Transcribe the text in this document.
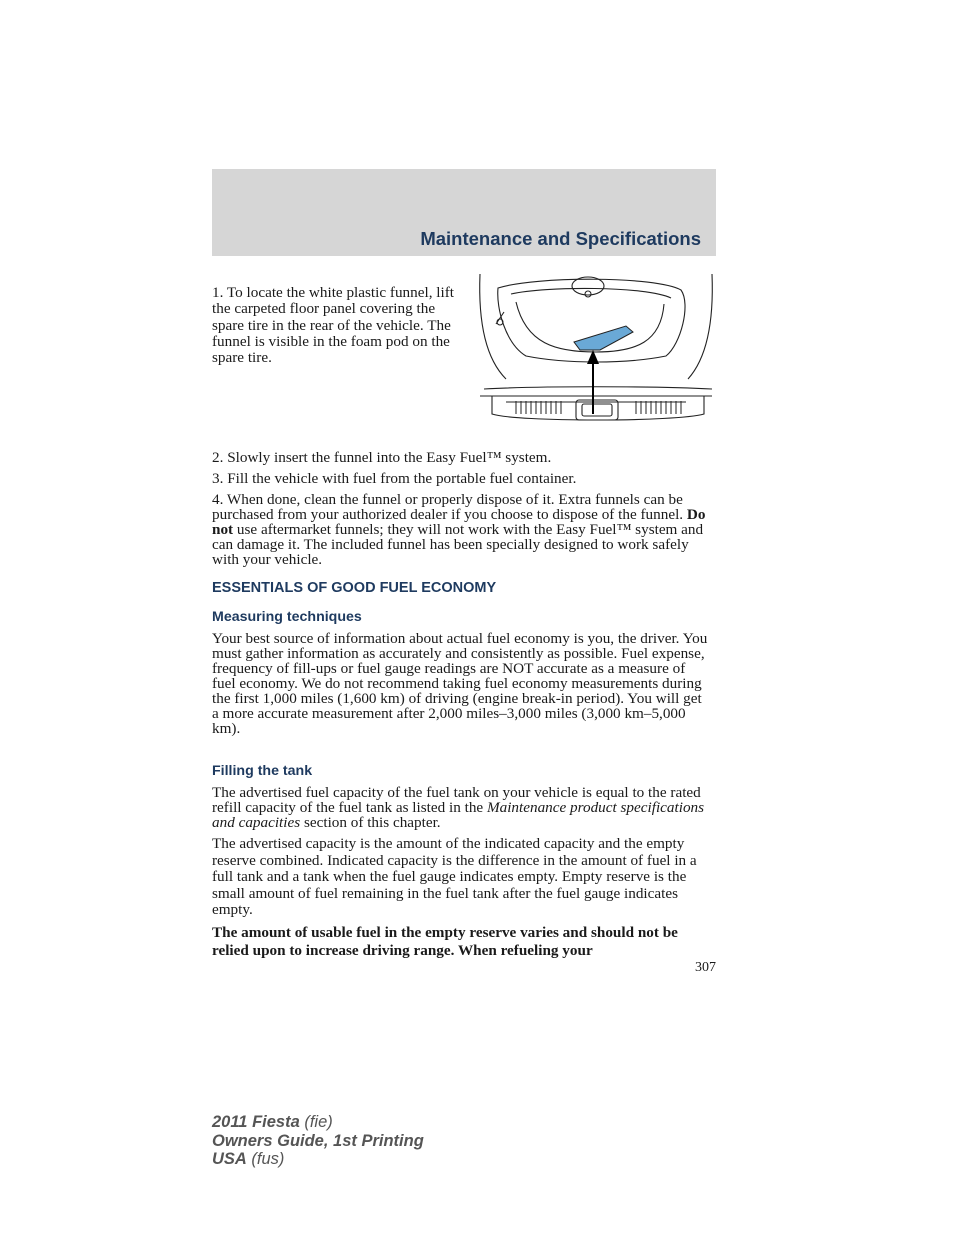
Maintenance and Specifications

1. To locate the white plastic funnel, lift the carpeted floor panel covering the spare tire in the rear of the vehicle. The funnel is visible in the foam pod on the spare tire.

2. Slowly insert the funnel into the Easy Fuel™ system.

3. Fill the vehicle with fuel from the portable fuel container.

4. When done, clean the funnel or properly dispose of it. Extra funnels can be purchased from your authorized dealer if you choose to dispose of the funnel. Do not use aftermarket funnels; they will not work with the Easy Fuel™ system and can damage it. The included funnel has been specially designed to work safely with your vehicle.

ESSENTIALS OF GOOD FUEL ECONOMY
Measuring techniques

Your best source of information about actual fuel economy is you, the driver. You must gather information as accurately and consistently as possible. Fuel expense, frequency of fill-ups or fuel gauge readings are NOT accurate as a measure of fuel economy. We do not recommend taking fuel economy measurements during the first 1,000 miles (1,600 km) of driving (engine break-in period). You will get a more accurate measurement after 2,000 miles–3,000 miles (3,000 km–5,000 km).

Filling the tank

The advertised fuel capacity of the fuel tank on your vehicle is equal to the rated refill capacity of the fuel tank as listed in the Maintenance product specifications and capacities section of this chapter.

The advertised capacity is the amount of the indicated capacity and the empty reserve combined. Indicated capacity is the difference in the amount of fuel in a full tank and a tank when the fuel gauge indicates empty. Empty reserve is the small amount of fuel remaining in the fuel tank after the fuel gauge indicates empty.

The amount of usable fuel in the empty reserve varies and should not be relied upon to increase driving range. When refueling your

307
2011 Fiesta (fie)
Owners Guide, 1st Printing
USA (fus)
